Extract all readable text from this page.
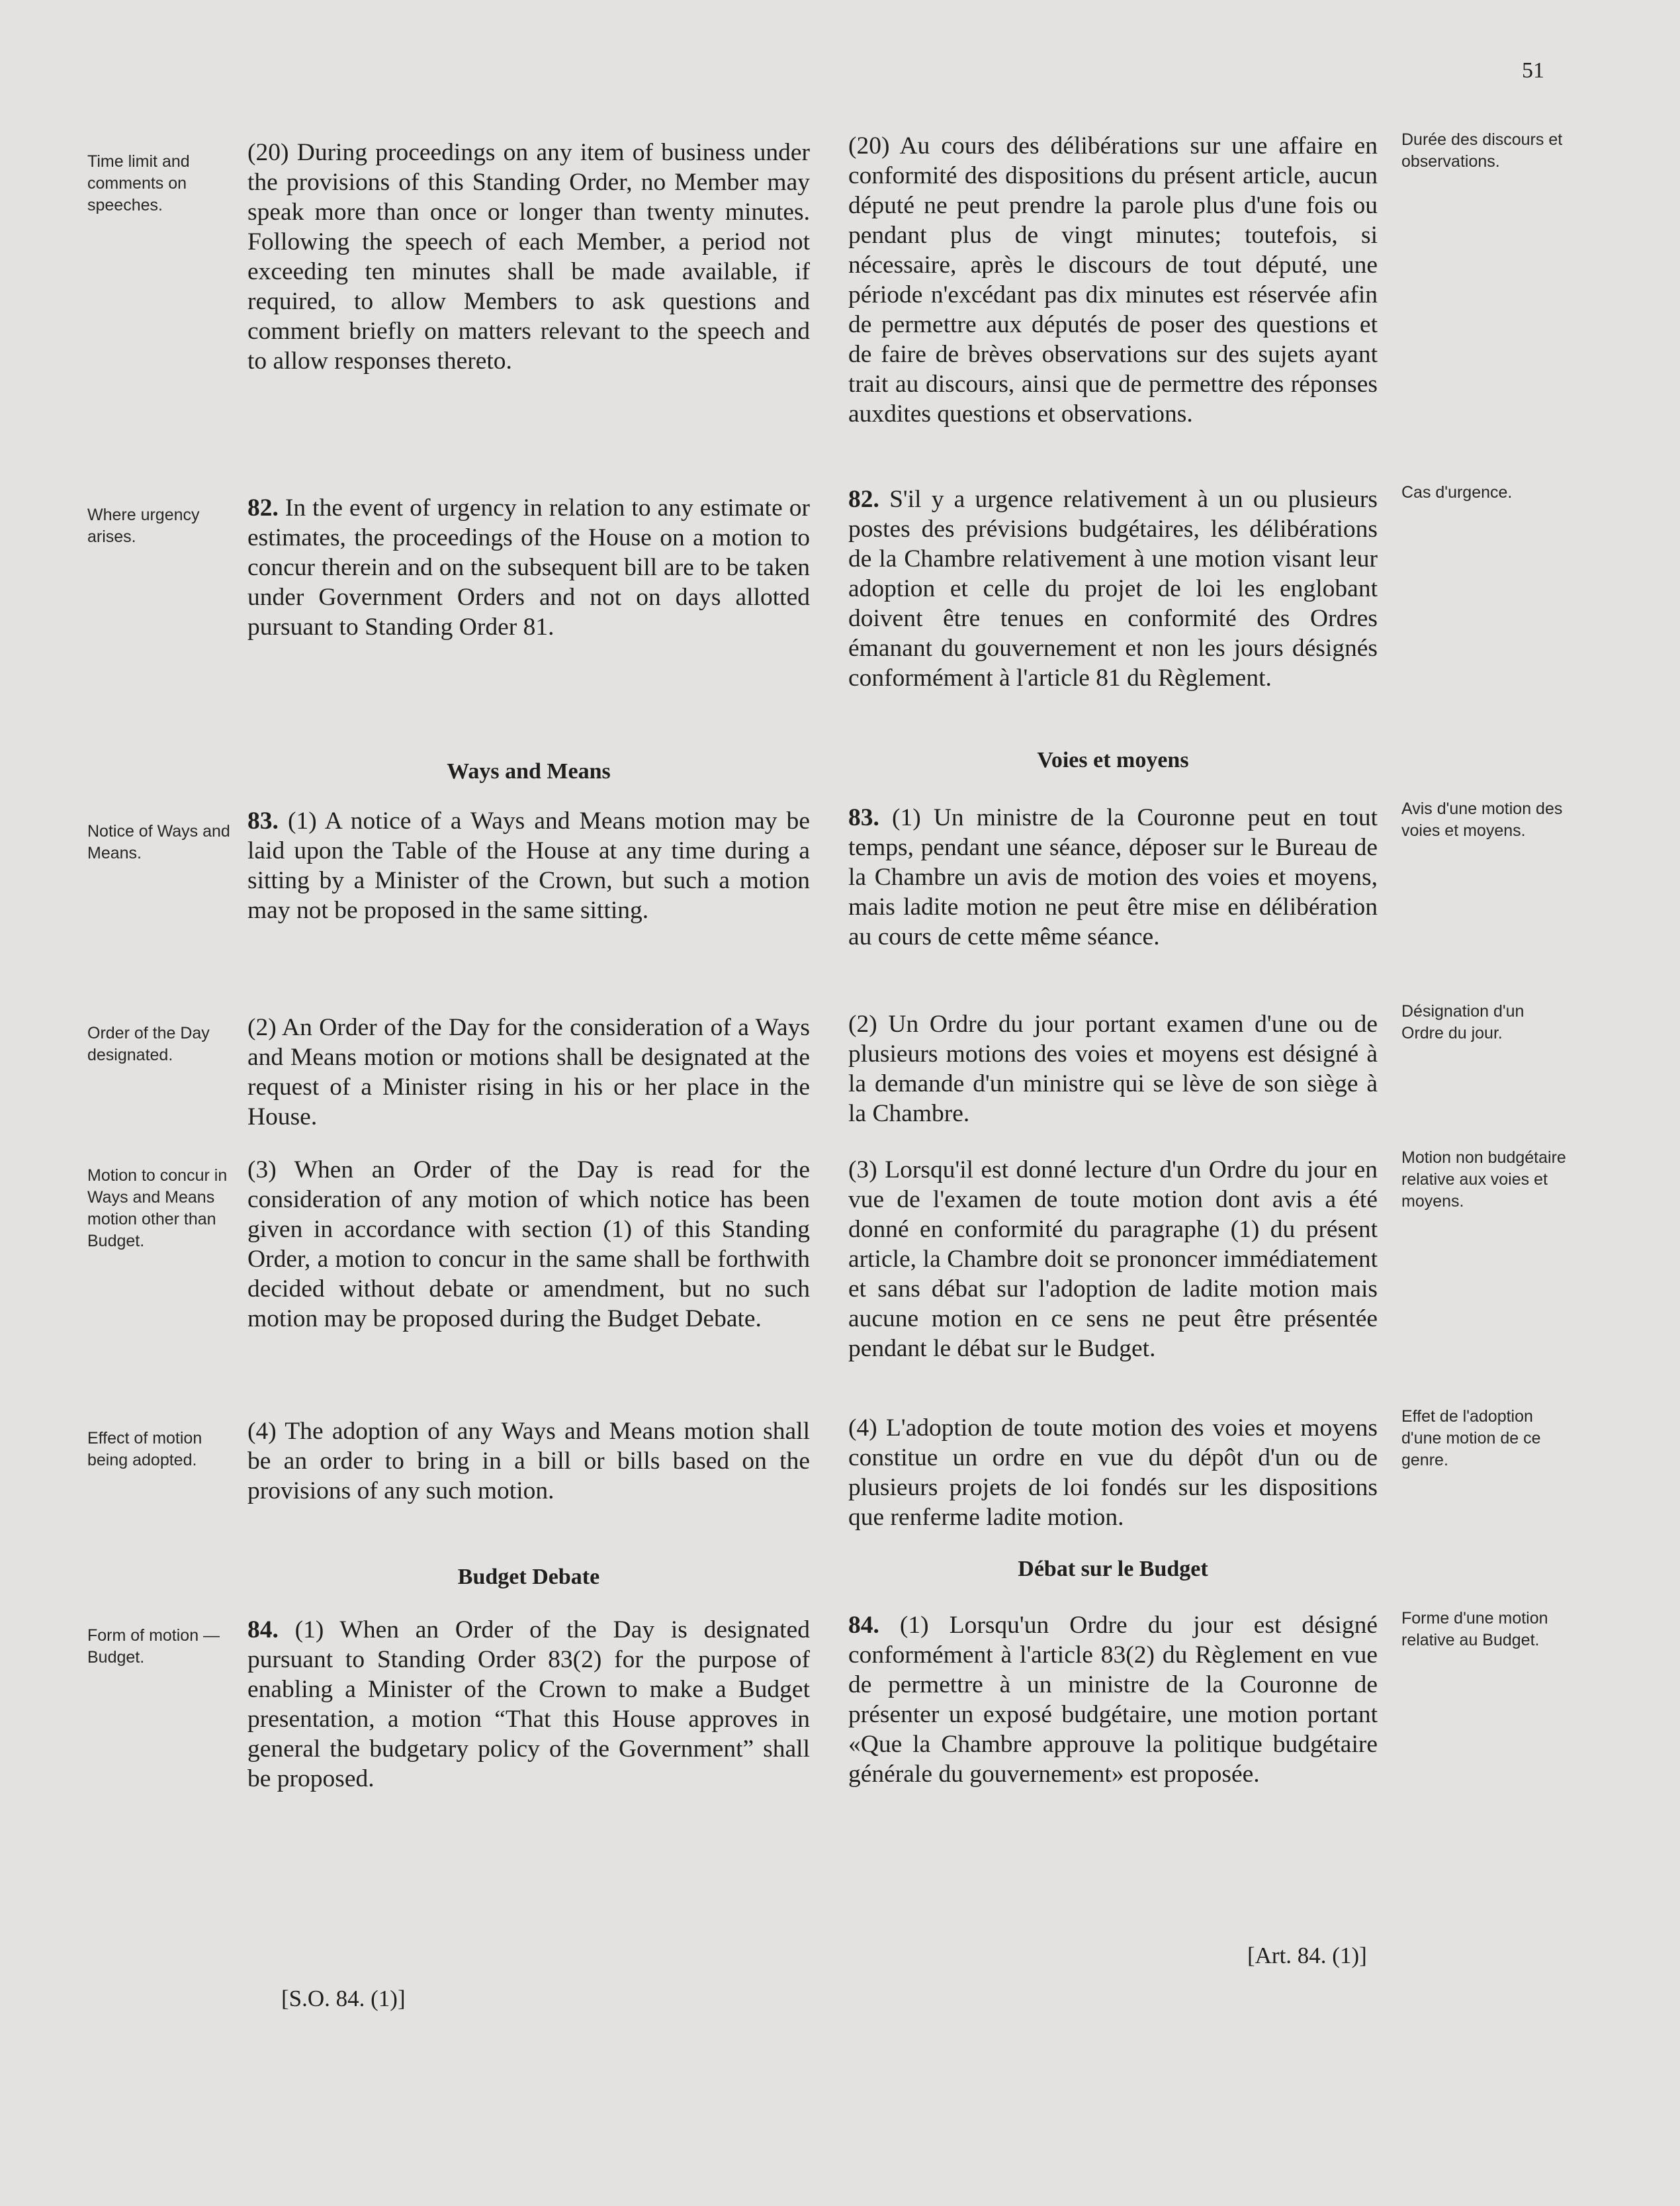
51
Time limit and comments on speeches.
Where urgency arises.
Notice of Ways and Means.
Order of the Day designated.
Motion to concur in Ways and Means motion other than Budget.
Effect of motion being adopted.
Form of motion — Budget.
(20) During proceedings on any item of business under the provisions of this Standing Order, no Member may speak more than once or longer than twenty minutes. Following the speech of each Member, a period not exceeding ten minutes shall be made available, if required, to allow Members to ask questions and comment briefly on matters relevant to the speech and to allow responses thereto.
82. In the event of urgency in relation to any estimate or estimates, the proceedings of the House on a motion to concur therein and on the subsequent bill are to be taken under Government Orders and not on days allotted pursuant to Standing Order 81.
Ways and Means
83. (1) A notice of a Ways and Means motion may be laid upon the Table of the House at any time during a sitting by a Minister of the Crown, but such a motion may not be proposed in the same sitting.
(2) An Order of the Day for the consideration of a Ways and Means motion or motions shall be designated at the request of a Minister rising in his or her place in the House.
(3) When an Order of the Day is read for the consideration of any motion of which notice has been given in accordance with section (1) of this Standing Order, a motion to concur in the same shall be forthwith decided without debate or amendment, but no such motion may be proposed during the Budget Debate.
(4) The adoption of any Ways and Means motion shall be an order to bring in a bill or bills based on the provisions of any such motion.
Budget Debate
84. (1) When an Order of the Day is designated pursuant to Standing Order 83(2) for the purpose of enabling a Minister of the Crown to make a Budget presentation, a motion “That this House approves in general the budgetary policy of the Government” shall be proposed.
[S.O. 84. (1)]
(20) Au cours des délibérations sur une affaire en conformité des dispositions du présent article, aucun député ne peut prendre la parole plus d'une fois ou pendant plus de vingt minutes; toutefois, si nécessaire, après le discours de tout député, une période n'excédant pas dix minutes est réservée afin de permettre aux députés de poser des questions et de faire de brèves observations sur des sujets ayant trait au discours, ainsi que de permettre des réponses auxdites questions et observations.
82. S'il y a urgence relativement à un ou plusieurs postes des prévisions budgétaires, les délibérations de la Chambre relativement à une motion visant leur adoption et celle du projet de loi les englobant doivent être tenues en conformité des Ordres émanant du gouvernement et non les jours désignés conformément à l'article 81 du Règlement.
Voies et moyens
83. (1) Un ministre de la Couronne peut en tout temps, pendant une séance, déposer sur le Bureau de la Chambre un avis de motion des voies et moyens, mais ladite motion ne peut être mise en délibération au cours de cette même séance.
(2) Un Ordre du jour portant examen d'une ou de plusieurs motions des voies et moyens est désigné à la demande d'un ministre qui se lève de son siège à la Chambre.
(3) Lorsqu'il est donné lecture d'un Ordre du jour en vue de l'examen de toute motion dont avis a été donné en conformité du paragraphe (1) du présent article, la Chambre doit se prononcer immédiatement et sans débat sur l'adoption de ladite motion mais aucune motion en ce sens ne peut être présentée pendant le débat sur le Budget.
(4) L'adoption de toute motion des voies et moyens constitue un ordre en vue du dépôt d'un ou de plusieurs projets de loi fondés sur les dispositions que renferme ladite motion.
Débat sur le Budget
84. (1) Lorsqu'un Ordre du jour est désigné conformément à l'article 83(2) du Règlement en vue de permettre à un ministre de la Couronne de présenter un exposé budgétaire, une motion portant «Que la Chambre approuve la politique budgétaire générale du gouvernement» est proposée.
[Art. 84. (1)]
Durée des discours et observations.
Cas d'urgence.
Avis d'une motion des voies et moyens.
Désignation d'un Ordre du jour.
Motion non budgétaire relative aux voies et moyens.
Effet de l'adoption d'une motion de ce genre.
Forme d'une motion relative au Budget.
